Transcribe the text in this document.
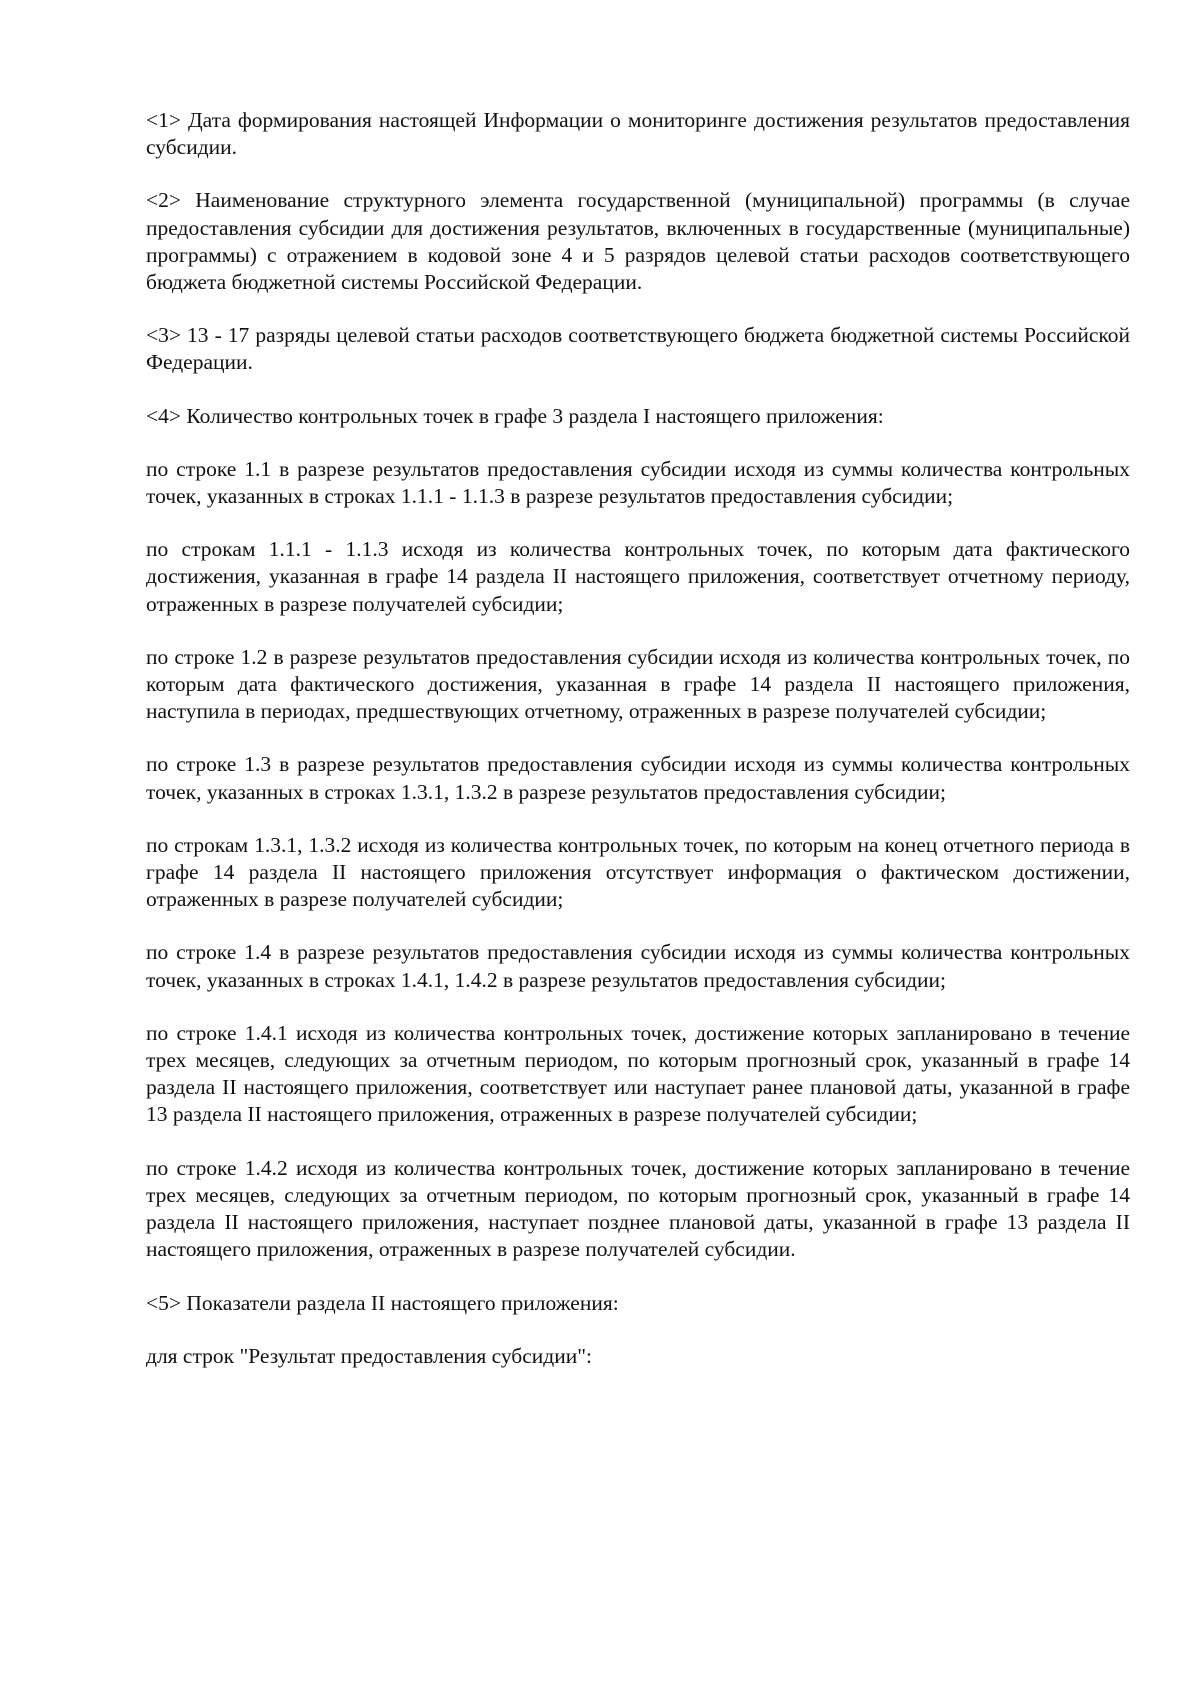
<1> Дата формирования настоящей Информации о мониторинге достижения результатов предоставления субсидии.

<2> Наименование структурного элемента государственной (муниципальной) программы (в случае предоставления субсидии для достижения результатов, включенных в государственные (муниципальные) программы) с отражением в кодовой зоне 4 и 5 разрядов целевой статьи расходов соответствующего бюджета бюджетной системы Российской Федерации.

<3> 13 - 17 разряды целевой статьи расходов соответствующего бюджета бюджетной системы Российской Федерации.

<4> Количество контрольных точек в графе 3 раздела I настоящего приложения:

по строке 1.1 в разрезе результатов предоставления субсидии исходя из суммы количества контрольных точек, указанных в строках 1.1.1 - 1.1.3 в разрезе результатов предоставления субсидии;

по строкам 1.1.1 - 1.1.3 исходя из количества контрольных точек, по которым дата фактического достижения, указанная в графе 14 раздела II настоящего приложения, соответствует отчетному периоду, отраженных в разрезе получателей субсидии;

по строке 1.2 в разрезе результатов предоставления субсидии исходя из количества контрольных точек, по которым дата фактического достижения, указанная в графе 14 раздела II настоящего приложения, наступила в периодах, предшествующих отчетному, отраженных в разрезе получателей субсидии;

по строке 1.3 в разрезе результатов предоставления субсидии исходя из суммы количества контрольных точек, указанных в строках 1.3.1, 1.3.2 в разрезе результатов предоставления субсидии;

по строкам 1.3.1, 1.3.2 исходя из количества контрольных точек, по которым на конец отчетного периода в графе 14 раздела II настоящего приложения отсутствует информация о фактическом достижении, отраженных в разрезе получателей субсидии;

по строке 1.4 в разрезе результатов предоставления субсидии исходя из суммы количества контрольных точек, указанных в строках 1.4.1, 1.4.2 в разрезе результатов предоставления субсидии;

по строке 1.4.1 исходя из количества контрольных точек, достижение которых запланировано в течение трех месяцев, следующих за отчетным периодом, по которым прогнозный срок, указанный в графе 14 раздела II настоящего приложения, соответствует или наступает ранее плановой даты, указанной в графе 13 раздела II настоящего приложения, отраженных в разрезе получателей субсидии;

по строке 1.4.2 исходя из количества контрольных точек, достижение которых запланировано в течение трех месяцев, следующих за отчетным периодом, по которым прогнозный срок, указанный в графе 14 раздела II настоящего приложения, наступает позднее плановой даты, указанной в графе 13 раздела II настоящего приложения, отраженных в разрезе получателей субсидии.

<5> Показатели раздела II настоящего приложения:

для строк "Результат предоставления субсидии":
